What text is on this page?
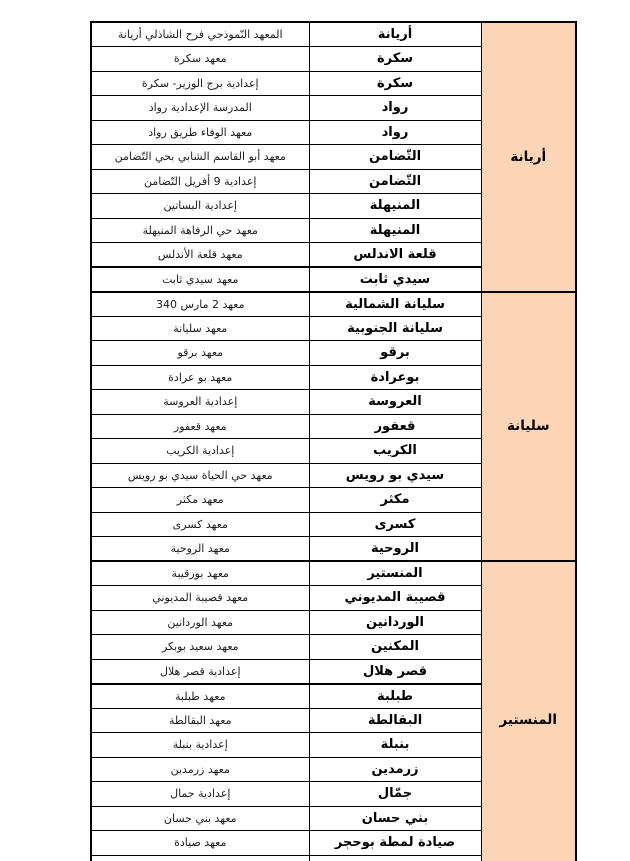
أريانة	أريانة	المعهد النّموذجي فرح الشاذلي أريانة
	سكرة	معهد سكرة
	سكرة	إعدادية برج الوزير- سكرة
	رواد	المدرسة الإعدادية رواد
	رواد	معهد الوفاء طريق رواد
	التّضامن	معهد أبو القاسم الشابي بحي التّضامن
	التّضامن	إعدادية 9 أفريل التّضامن
	المنيهلة	إعدادية البساتين
	المنيهلة	معهد حي الرفاهة المنيهلة
	قلعة الاندلس	معهد قلعة الأندلس
	سيدي ثابت	معهد سيدي ثابت
سليانة	سليانة الشمالية	معهد 2 مارس 340
	سليانة الجنوبية	معهد سليانة
	برقو	معهد برقو
	بوعرادة	معهد بو عرادة
	العروسة	إعدادية العروسة
	قعفور	معهد قعفور
	الكريب	إعدادية الكريب
	سيدي بو رويس	معهد حي الحياة سيدي بو رويس
	مكثر	معهد مكثر
	كسرى	معهد كسرى
	الروحية	معهد الروحية
المنستير	المنستير	معهد بورقيبة
	قصيبة المديوني	معهد قصيبة المديوني
	الوردانين	معهد الوردانين
	المكنين	معهد سعيد بوبكر
	قصر هلال	إعدادية قصر هلال
	طبلبة	معهد طبلبة
	البقالطة	معهد البقالطة
	بنبلة	إعدادية بنبلة
	زرمدين	معهد زرمدين
	جمّال	إعدادية جمال
	بني حسان	معهد بني حسان
	صيادة لمطة بوحجر	معهد صيادة
